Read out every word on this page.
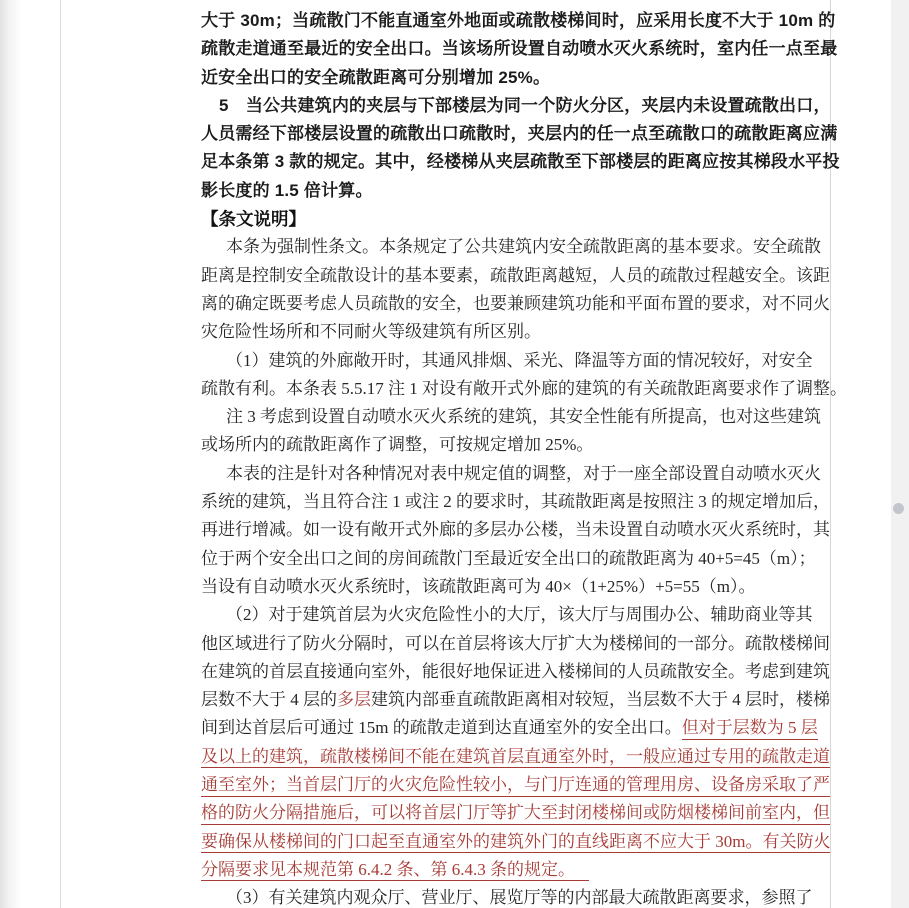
大于 30m；当疏散门不能直通室外地面或疏散楼梯间时，应采用长度不大于 10m 的
疏散走道通至最近的安全出口。当该场所设置自动喷水灭火系统时，室内任一点至最
近安全出口的安全疏散距离可分别增加 25%。
5　当公共建筑内的夹层与下部楼层为同一个防火分区，夹层内未设置疏散出口，
人员需经下部楼层设置的疏散出口疏散时，夹层内的任一点至疏散口的疏散距离应满
足本条第 3 款的规定。其中，经楼梯从夹层疏散至下部楼层的距离应按其梯段水平投
影长度的 1.5 倍计算。
【条文说明】
本条为强制性条文。本条规定了公共建筑内安全疏散距离的基本要求。安全疏散
距离是控制安全疏散设计的基本要素，疏散距离越短，人员的疏散过程越安全。该距
离的确定既要考虑人员疏散的安全，也要兼顾建筑功能和平面布置的要求，对不同火
灾危险性场所和不同耐火等级建筑有所区别。
（1）建筑的外廊敞开时，其通风排烟、采光、降温等方面的情况较好，对安全
疏散有利。本条表 5.5.17 注 1 对设有敞开式外廊的建筑的有关疏散距离要求作了调整。
注 3 考虑到设置自动喷水灭火系统的建筑，其安全性能有所提高，也对这些建筑
或场所内的疏散距离作了调整，可按规定增加 25%。
本表的注是针对各种情况对表中规定值的调整，对于一座全部设置自动喷水灭火
系统的建筑，当且符合注 1 或注 2 的要求时，其疏散距离是按照注 3 的规定增加后，
再进行增减。如一设有敞开式外廊的多层办公楼，当未设置自动喷水灭火系统时，其
位于两个安全出口之间的房间疏散门至最近安全出口的疏散距离为 40+5=45（m）；
当设有自动喷水灭火系统时，该疏散距离可为 40×（1+25%）+5=55（m）。
（2）对于建筑首层为火灾危险性小的大厅，该大厅与周围办公、辅助商业等其
他区域进行了防火分隔时，可以在首层将该大厅扩大为楼梯间的一部分。疏散楼梯间
在建筑的首层直接通向室外，能很好地保证进入楼梯间的人员疏散安全。考虑到建筑
层数不大于 4 层的多层建筑内部垂直疏散距离相对较短，当层数不大于 4 层时，楼梯
间到达首层后可通过 15m 的疏散走道到达直通室外的安全出口。但对于层数为 5 层
及以上的建筑，疏散楼梯间不能在建筑首层直通室外时，一般应通过专用的疏散走道
通至室外；当首层门厅的火灾危险性较小，与门厅连通的管理用房、设备房采取了严
格的防火分隔措施后，可以将首层门厅等扩大至封闭楼梯间或防烟楼梯间前室内，但
要确保从楼梯间的门口起至直通室外的建筑外门的直线距离不应大于 30m。有关防火
分隔要求见本规范第 6.4.2 条、第 6.4.3 条的规定。
（3）有关建筑内观众厅、营业厅、展览厅等的内部最大疏散距离要求，参照了
